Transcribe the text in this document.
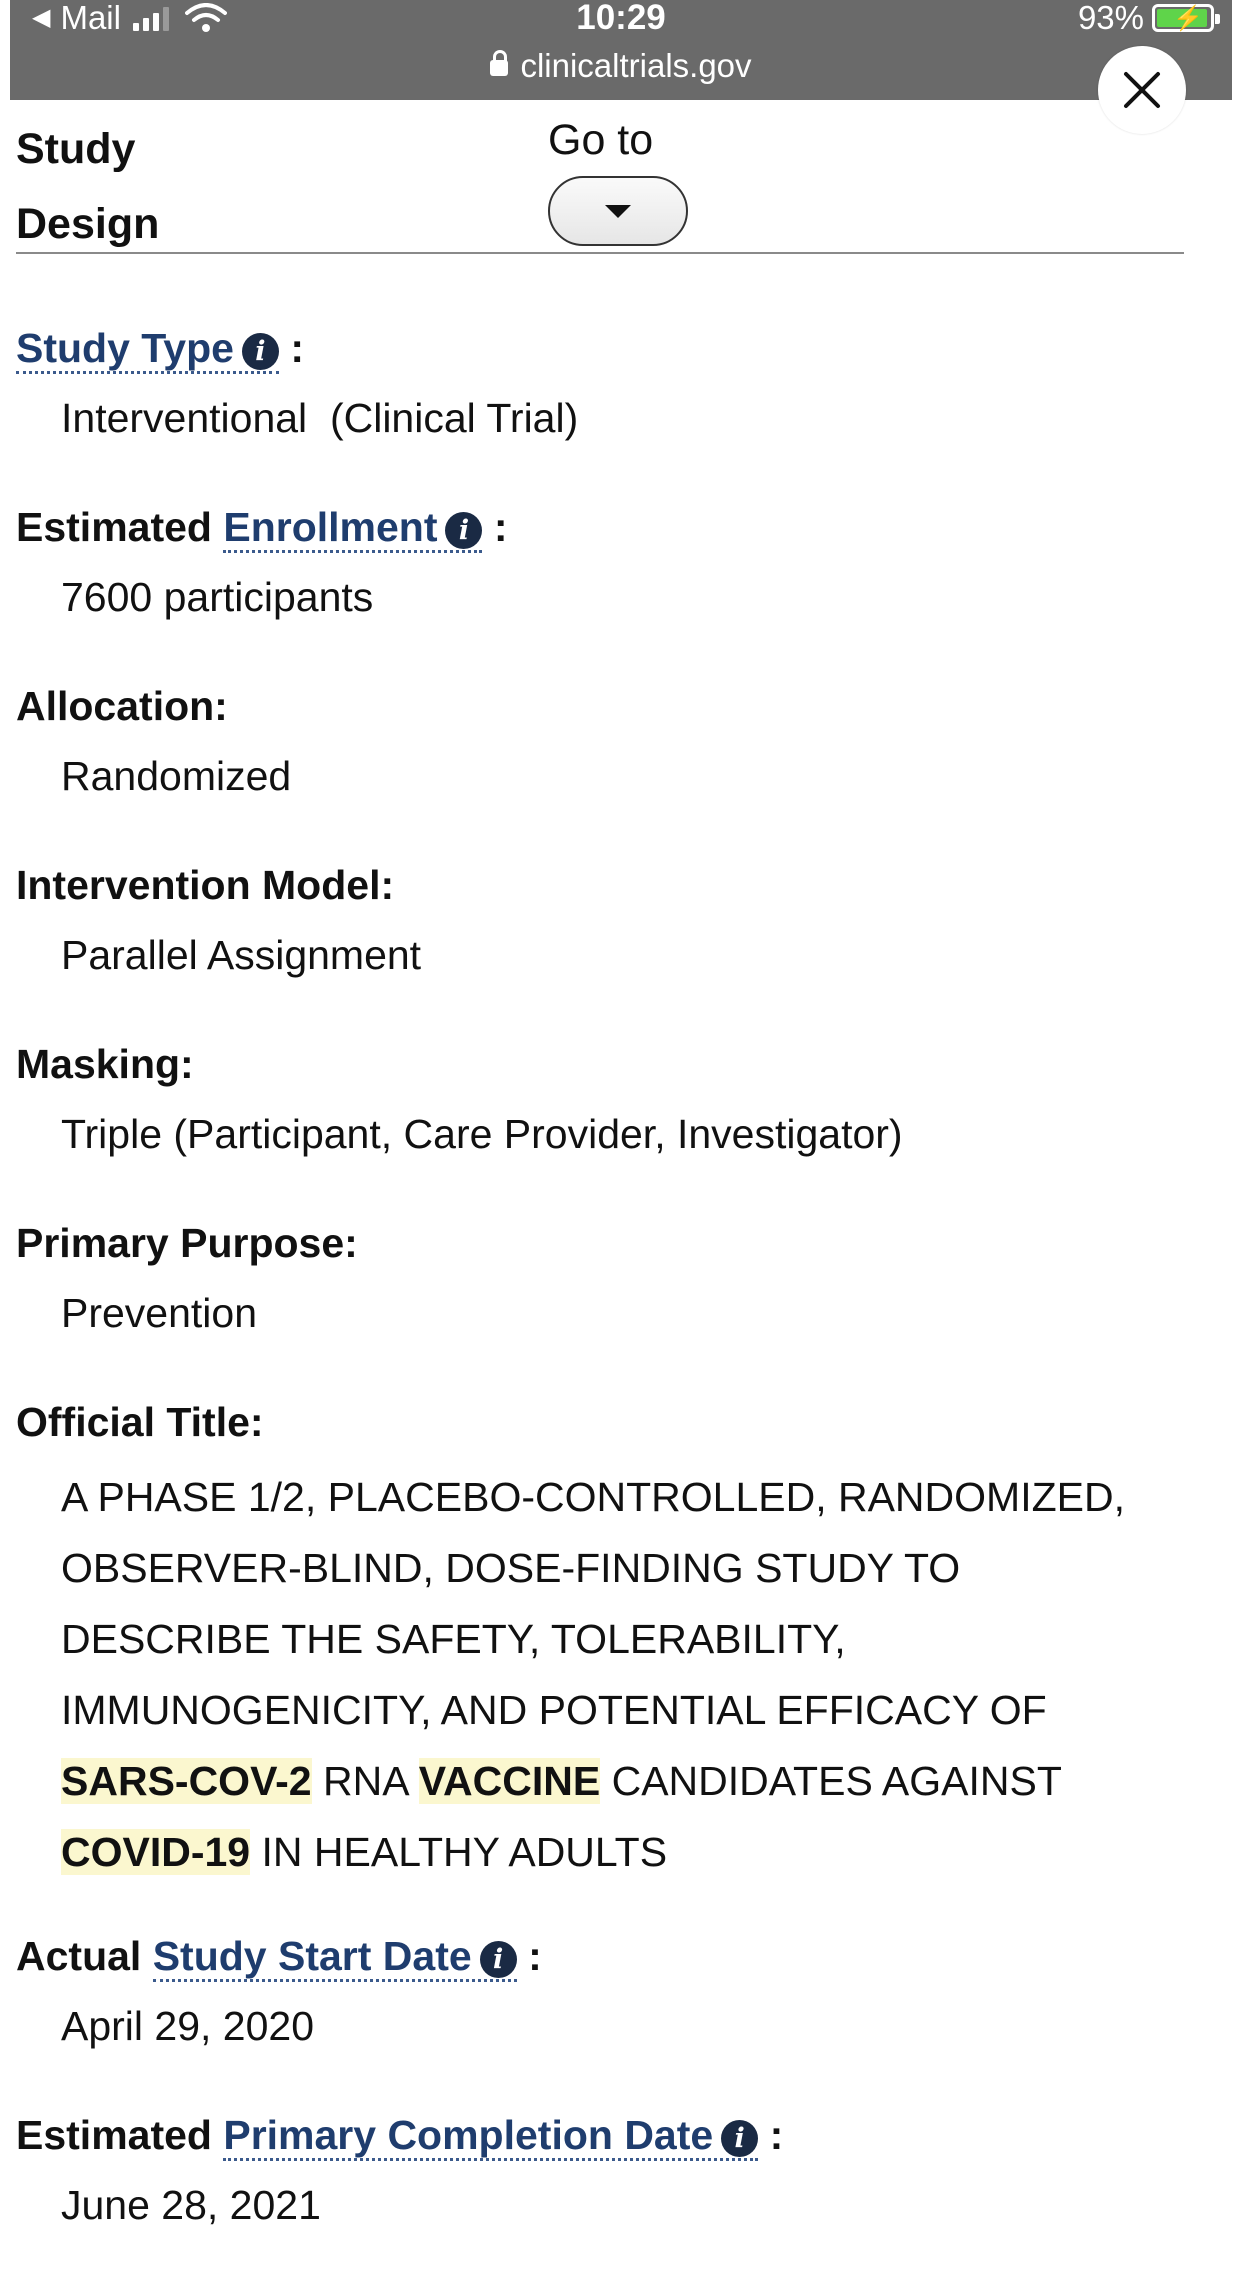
◀ Mail	10:29	93% ⚡
clinicaltrials.gov
Study
Design
Go to
Study Type i :
Interventional  (Clinical Trial)
Estimated Enrollment i :
7600 participants
Allocation:
Randomized
Intervention Model:
Parallel Assignment
Masking:
Triple (Participant, Care Provider, Investigator)
Primary Purpose:
Prevention
Official Title:
A PHASE 1/2, PLACEBO-CONTROLLED, RANDOMIZED,
OBSERVER-BLIND, DOSE-FINDING STUDY TO
DESCRIBE THE SAFETY, TOLERABILITY,
IMMUNOGENICITY, AND POTENTIAL EFFICACY OF
SARS-COV-2 RNA VACCINE CANDIDATES AGAINST
COVID-19 IN HEALTHY ADULTS
Actual Study Start Date i :
April 29, 2020
Estimated Primary Completion Date i :
June 28, 2021
